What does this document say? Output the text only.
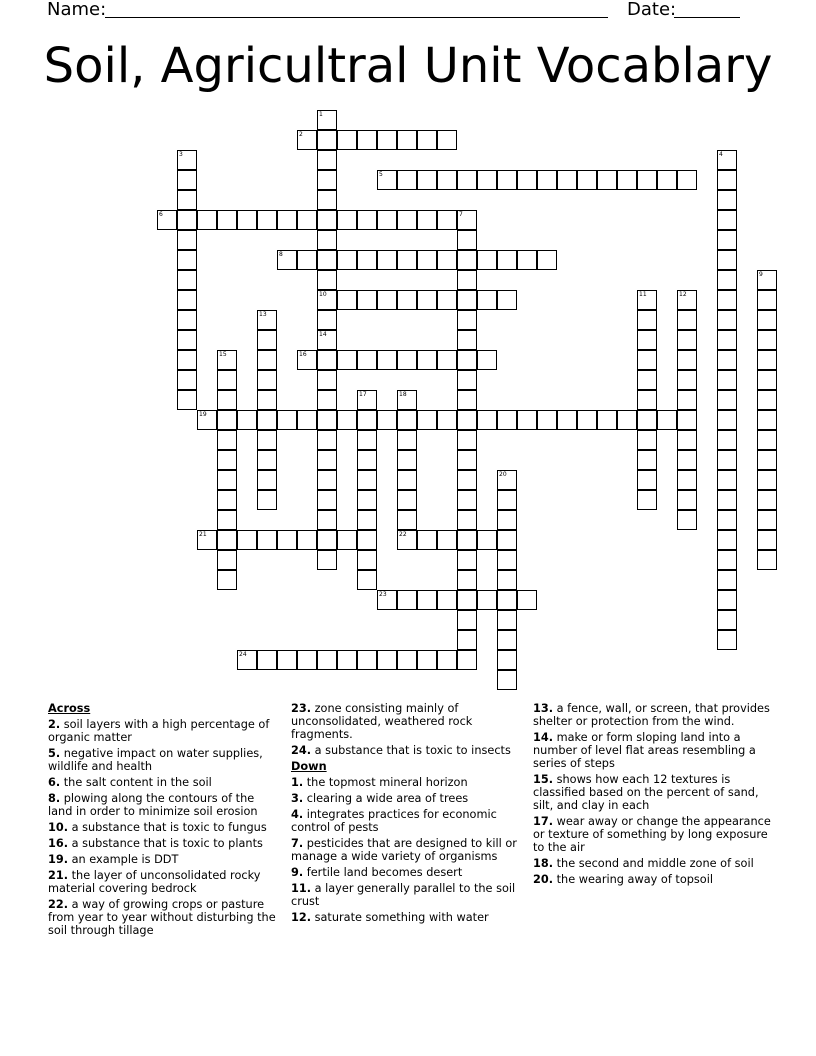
Name:	Date:
Soil, Agricultral Unit Vocablary
1
10
14
2
3	4
5
6	7
8
9
11	12
13
15	16
17	18
22
19
20
21
23
24
Across
2. soil layers with a high percentage of organic matter
5. negative impact on water supplies, wildlife and health
6. the salt content in the soil
8. plowing along the contours of the land in order to minimize soil erosion
10. a substance that is toxic to fungus
16. a substance that is toxic to plants
19. an example is DDT
21. the layer of unconsolidated rocky material covering bedrock
22. a way of growing crops or pasture from year to year without disturbing the soil through tillage
23. zone consisting mainly of unconsolidated, weathered rock fragments.
24. a substance that is toxic to insects
Down
1. the topmost mineral horizon
3. clearing a wide area of trees
4. integrates practices for economic control of pests
7. pesticides that are designed to kill or manage a wide variety of organisms
9. fertile land becomes desert
11. a layer generally parallel to the soil crust
12. saturate something with water
13. a fence, wall, or screen, that provides shelter or protection from the wind.
14. make or form sloping land into a number of level flat areas resembling a series of steps
15. shows how each 12 textures is classified based on the percent of sand, silt, and clay in each
17. wear away or change the appearance or texture of something by long exposure to the air
18. the second and middle zone of soil
20. the wearing away of topsoil
